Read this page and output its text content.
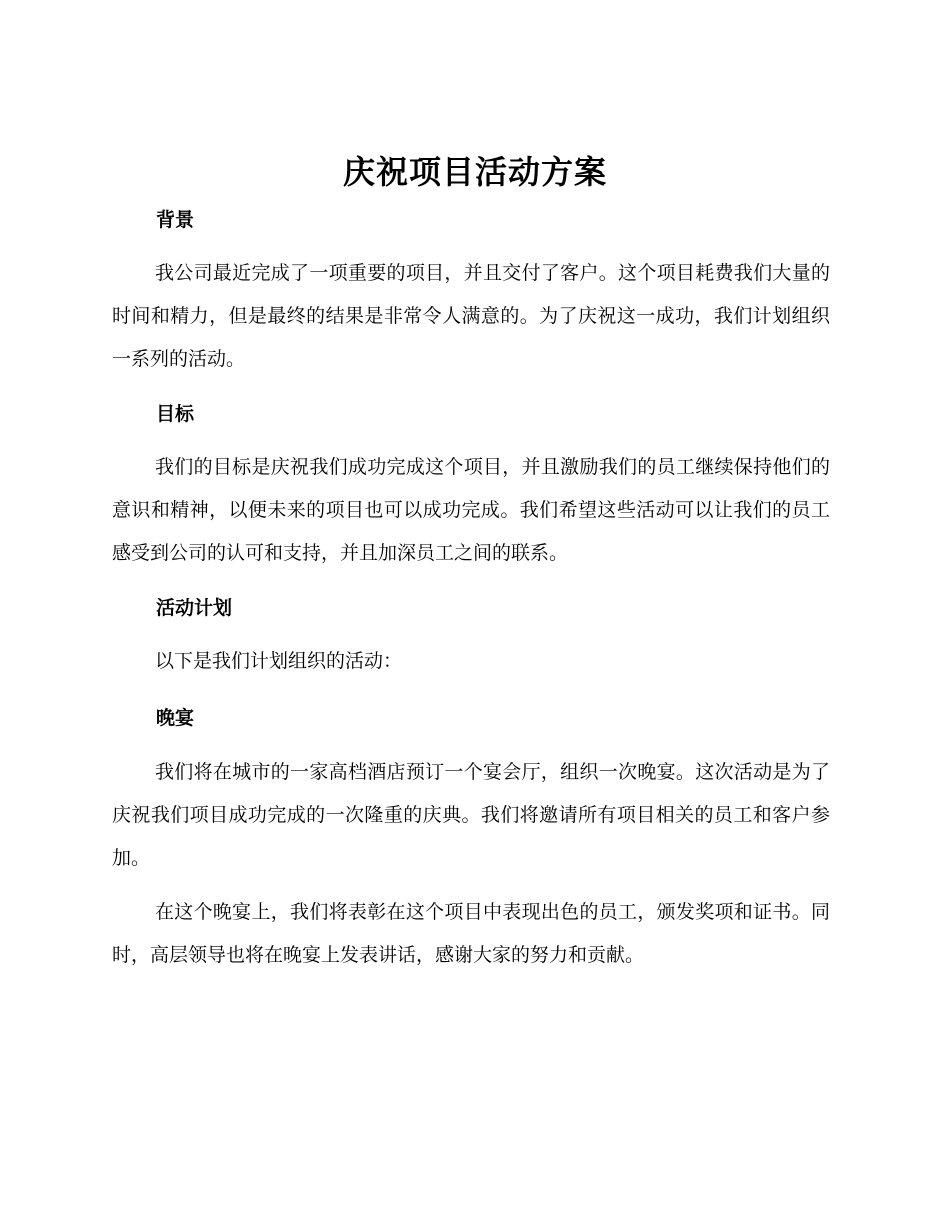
庆祝项目活动方案
背景

我公司最近完成了一项重要的项目，并且交付了客户。这个项目耗费我们大量的时间和精力，但是最终的结果是非常令人满意的。为了庆祝这一成功，我们计划组织一系列的活动。

目标

我们的目标是庆祝我们成功完成这个项目，并且激励我们的员工继续保持他们的意识和精神，以便未来的项目也可以成功完成。我们希望这些活动可以让我们的员工感受到公司的认可和支持，并且加深员工之间的联系。

活动计划

以下是我们计划组织的活动：

晚宴

我们将在城市的一家高档酒店预订一个宴会厅，组织一次晚宴。这次活动是为了庆祝我们项目成功完成的一次隆重的庆典。我们将邀请所有项目相关的员工和客户参加。

在这个晚宴上，我们将表彰在这个项目中表现出色的员工，颁发奖项和证书。同时，高层领导也将在晚宴上发表讲话，感谢大家的努力和贡献。
